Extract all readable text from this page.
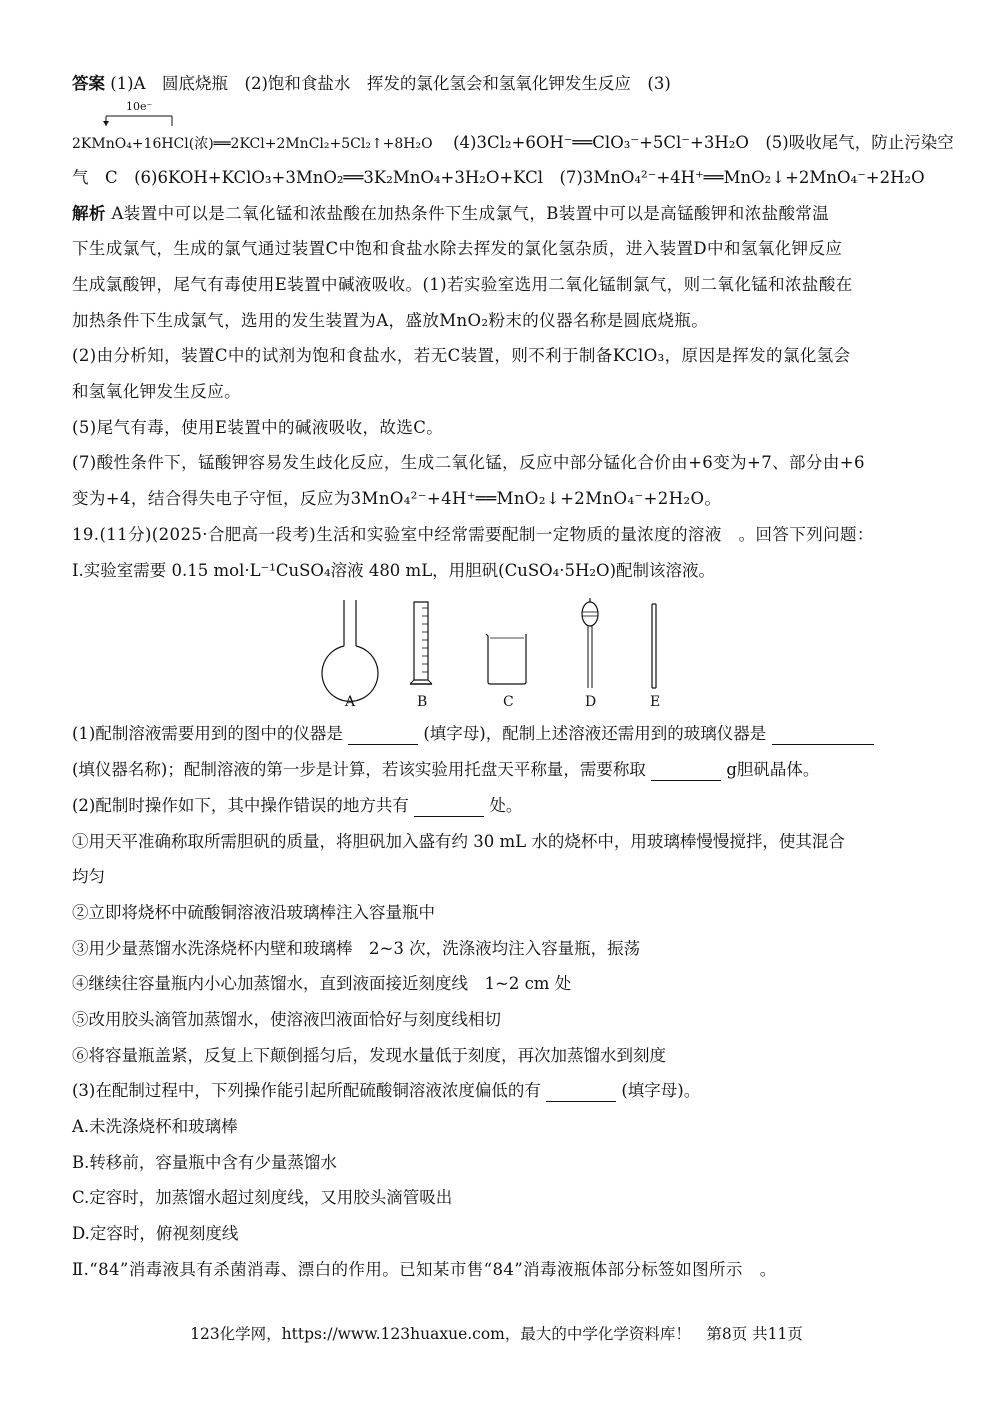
答案 (1)A　圆底烧瓶　(2)饱和食盐水　挥发的氯化氢会和氢氧化钾发生反应　(3)
10e⁻
2KMnO₄+16HCl(浓)══2KCl+2MnCl₂+5Cl₂↑+8H₂O (4)3Cl₂+6OH⁻══ClO₃⁻+5Cl⁻+3H₂O　(5)吸收尾气，防止污染空
气　C　(6)6KOH+KClO₃+3MnO₂══3K₂MnO₄+3H₂O+KCl　(7)3MnO₄²⁻+4H⁺══MnO₂↓+2MnO₄⁻+2H₂O
解析 A装置中可以是二氧化锰和浓盐酸在加热条件下生成氯气，B装置中可以是高锰酸钾和浓盐酸常温
下生成氯气，生成的氯气通过装置C中饱和食盐水除去挥发的氯化氢杂质，进入装置D中和氢氧化钾反应
生成氯酸钾，尾气有毒使用E装置中碱液吸收。(1)若实验室选用二氧化锰制氯气，则二氧化锰和浓盐酸在
加热条件下生成氯气，选用的发生装置为A，盛放MnO₂粉末的仪器名称是圆底烧瓶。
(2)由分析知，装置C中的试剂为饱和食盐水，若无C装置，则不利于制备KClO₃，原因是挥发的氯化氢会
和氢氧化钾发生反应。
(5)尾气有毒，使用E装置中的碱液吸收，故选C。
(7)酸性条件下，锰酸钾容易发生歧化反应，生成二氧化锰，反应中部分锰化合价由+6变为+7、部分由+6
变为+4，结合得失电子守恒，反应为3MnO₄²⁻+4H⁺══MnO₂↓+2MnO₄⁻+2H₂O。
19.(11分)(2025·合肥高一段考)生活和实验室中经常需要配制一定物质的量浓度的溶液　。回答下列问题：
Ⅰ.实验室需要 0.15 mol·L⁻¹CuSO₄溶液 480 mL，用胆矾(CuSO₄·5H₂O)配制该溶液。
A	B	C	D	E
(1)配制溶液需要用到的图中的仪器是	(填字母)，配制上述溶液还需用到的玻璃仪器是
(填仪器名称)；配制溶液的第一步是计算，若该实验用托盘天平称量，需要称取	g胆矾晶体。
(2)配制时操作如下，其中操作错误的地方共有	处。
①用天平准确称取所需胆矾的质量，将胆矾加入盛有约 30 mL 水的烧杯中，用玻璃棒慢慢搅拌，使其混合
均匀
②立即将烧杯中硫酸铜溶液沿玻璃棒注入容量瓶中
③用少量蒸馏水洗涤烧杯内壁和玻璃棒　2~3 次，洗涤液均注入容量瓶，振荡
④继续往容量瓶内小心加蒸馏水，直到液面接近刻度线　1~2 cm 处
⑤改用胶头滴管加蒸馏水，使溶液凹液面恰好与刻度线相切
⑥将容量瓶盖紧，反复上下颠倒摇匀后，发现水量低于刻度，再次加蒸馏水到刻度
(3)在配制过程中，下列操作能引起所配硫酸铜溶液浓度偏低的有	(填字母)。
A.未洗涤烧杯和玻璃棒
B.转移前，容量瓶中含有少量蒸馏水
C.定容时，加蒸馏水超过刻度线，又用胶头滴管吸出
D.定容时，俯视刻度线
Ⅱ.“84”消毒液具有杀菌消毒、漂白的作用。已知某市售“84”消毒液瓶体部分标签如图所示　。
123化学网，https://www.123huaxue.com，最大的中学化学资料库！　第8页 共11页
